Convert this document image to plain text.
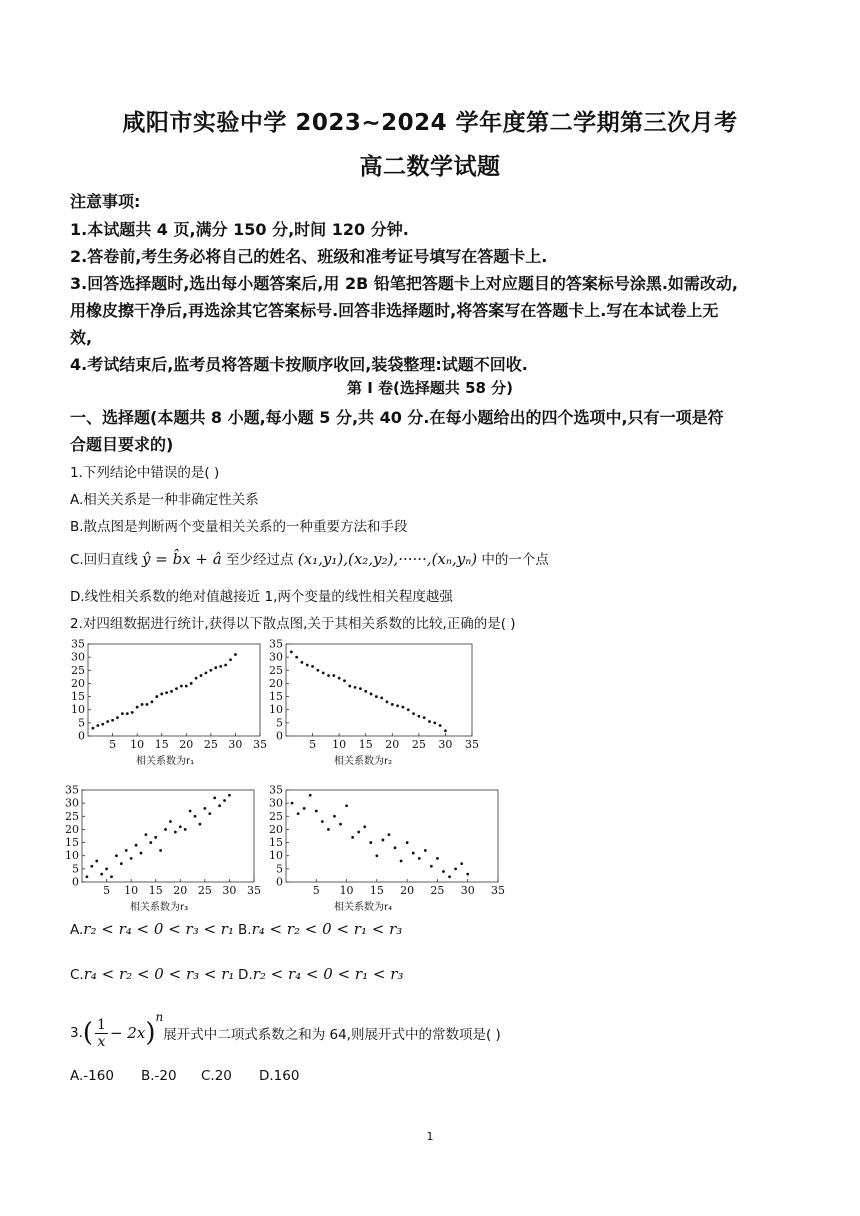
咸阳市实验中学 2023~2024 学年度第二学期第三次月考
高二数学试题
注意事项:
1.本试题共 4 页,满分 150 分,时间 120 分钟.
2.答卷前,考生务必将自己的姓名、班级和准考证号填写在答题卡上.
3.回答选择题时,选出每小题答案后,用 2B 铅笔把答题卡上对应题目的答案标号涂黑.如需改动,
用橡皮擦干净后,再选涂其它答案标号.回答非选择题时,将答案写在答题卡上.写在本试卷上无
效,
4.考试结束后,监考员将答题卡按顺序收回,装袋整理:试题不回收.
第 I 卷(选择题共 58 分)
一、选择题(本题共 8 小题,每小题 5 分,共 40 分.在每小题给出的四个选项中,只有一项是符
合题目要求的)
1.下列结论中错误的是( )
A.相关关系是一种非确定性关系
B.散点图是判断两个变量相关关系的一种重要方法和手段
C.回归直线 ŷ = b̂x + â 至少经过点 (x₁,y₁),(x₂,y₂),······,(xₙ,yₙ) 中的一个点
D.线性相关系数的绝对值越接近 1,两个变量的线性相关程度越强
2.对四组数据进行统计,获得以下散点图,关于其相关系数的比较,正确的是( )
0
5
10
15
20
25
30
35
5 10 15 20 25 30 35
相关系数为r₁
0
5
10
15
20
25
30
35
5 10 15 20 25 30 35
相关系数为r₂
0
5
10
15
20
25
30
35
5 10 15 20 25 30 35
相关系数为r₃
0
5
10
15
20
25
30
35
5 10 15 20 25 30 35
相关系数为r₄
A.r₂ < r₄ < 0 < r₃ < r₁ B.r₄ < r₂ < 0 < r₁ < r₃
C.r₄ < r₂ < 0 < r₃ < r₁ D.r₂ < r₄ < 0 < r₁ < r₃
3. ( $\frac{1}{x} - 2x$ )
n
展开式中二项式系数之和为 64,则展开式中的常数项是( )
A.-160 B.-20 C.20 D.160
1
